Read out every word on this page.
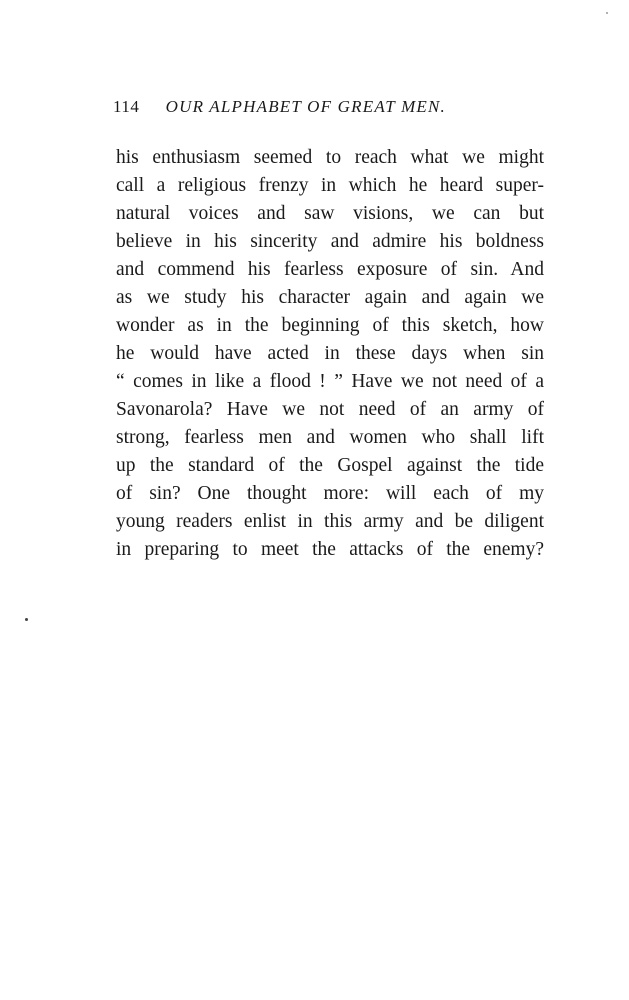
114 OUR ALPHABET OF GREAT MEN.
his enthusiasm seemed to reach what we might
call a religious frenzy in which he heard super-
natural voices and saw visions, we can but
believe in his sincerity and admire his boldness
and commend his fearless exposure of sin. And
as we study his character again and again we
wonder as in the beginning of this sketch, how
he would have acted in these days when sin
“ comes in like a flood ! ” Have we not need of a
Savonarola? Have we not need of an army of
strong, fearless men and women who shall lift
up the standard of the Gospel against the tide
of sin? One thought more: will each of my
young readers enlist in this army and be diligent
in preparing to meet the attacks of the enemy?
